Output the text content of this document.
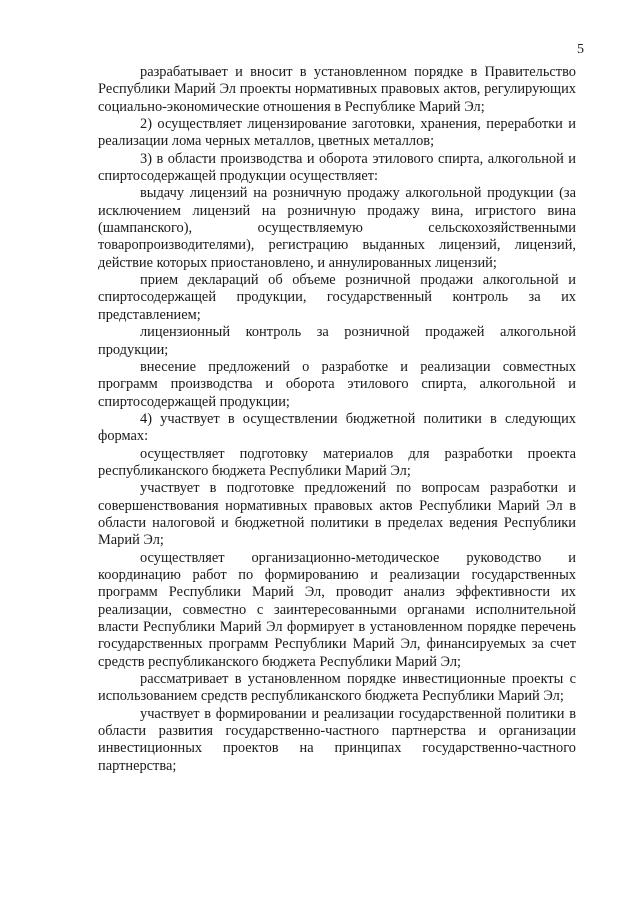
5

разрабатывает и вносит в установленном порядке в Правительство Республики Марий Эл проекты нормативных правовых актов, регулирующих социально-экономические отношения в Республике Марий Эл;

2) осуществляет лицензирование заготовки, хранения, переработки и реализации лома черных металлов, цветных металлов;

3) в области производства и оборота этилового спирта, алкогольной и спиртосодержащей продукции осуществляет:

выдачу лицензий на розничную продажу алкогольной продукции (за исключением лицензий на розничную продажу вина, игристого вина (шампанского), осуществляемую сельскохозяйственными товаропроизводителями), регистрацию выданных лицензий, лицензий, действие которых приостановлено, и аннулированных лицензий;

прием деклараций об объеме розничной продажи алкогольной и спиртосодержащей продукции, государственный контроль за их представлением;

лицензионный контроль за розничной продажей алкогольной продукции;

внесение предложений о разработке и реализации совместных программ производства и оборота этилового спирта, алкогольной и спиртосодержащей продукции;

4) участвует в осуществлении бюджетной политики в следующих формах:

осуществляет подготовку материалов для разработки проекта республиканского бюджета Республики Марий Эл;

участвует в подготовке предложений по вопросам разработки и совершенствования нормативных правовых актов Республики Марий Эл в области налоговой и бюджетной политики в пределах ведения Республики Марий Эл;

осуществляет организационно-методическое руководство и координацию работ по формированию и реализации государственных программ Республики Марий Эл, проводит анализ эффективности их реализации, совместно с заинтересованными органами исполнительной власти Республики Марий Эл формирует в установленном порядке перечень государственных программ Республики Марий Эл, финансируемых за счет средств республиканского бюджета Республики Марий Эл;

рассматривает в установленном порядке инвестиционные проекты с использованием средств республиканского бюджета Республики Марий Эл;

участвует в формировании и реализации государственной политики в области развития государственно-частного партнерства и организации инвестиционных проектов на принципах государственно-частного партнерства;
